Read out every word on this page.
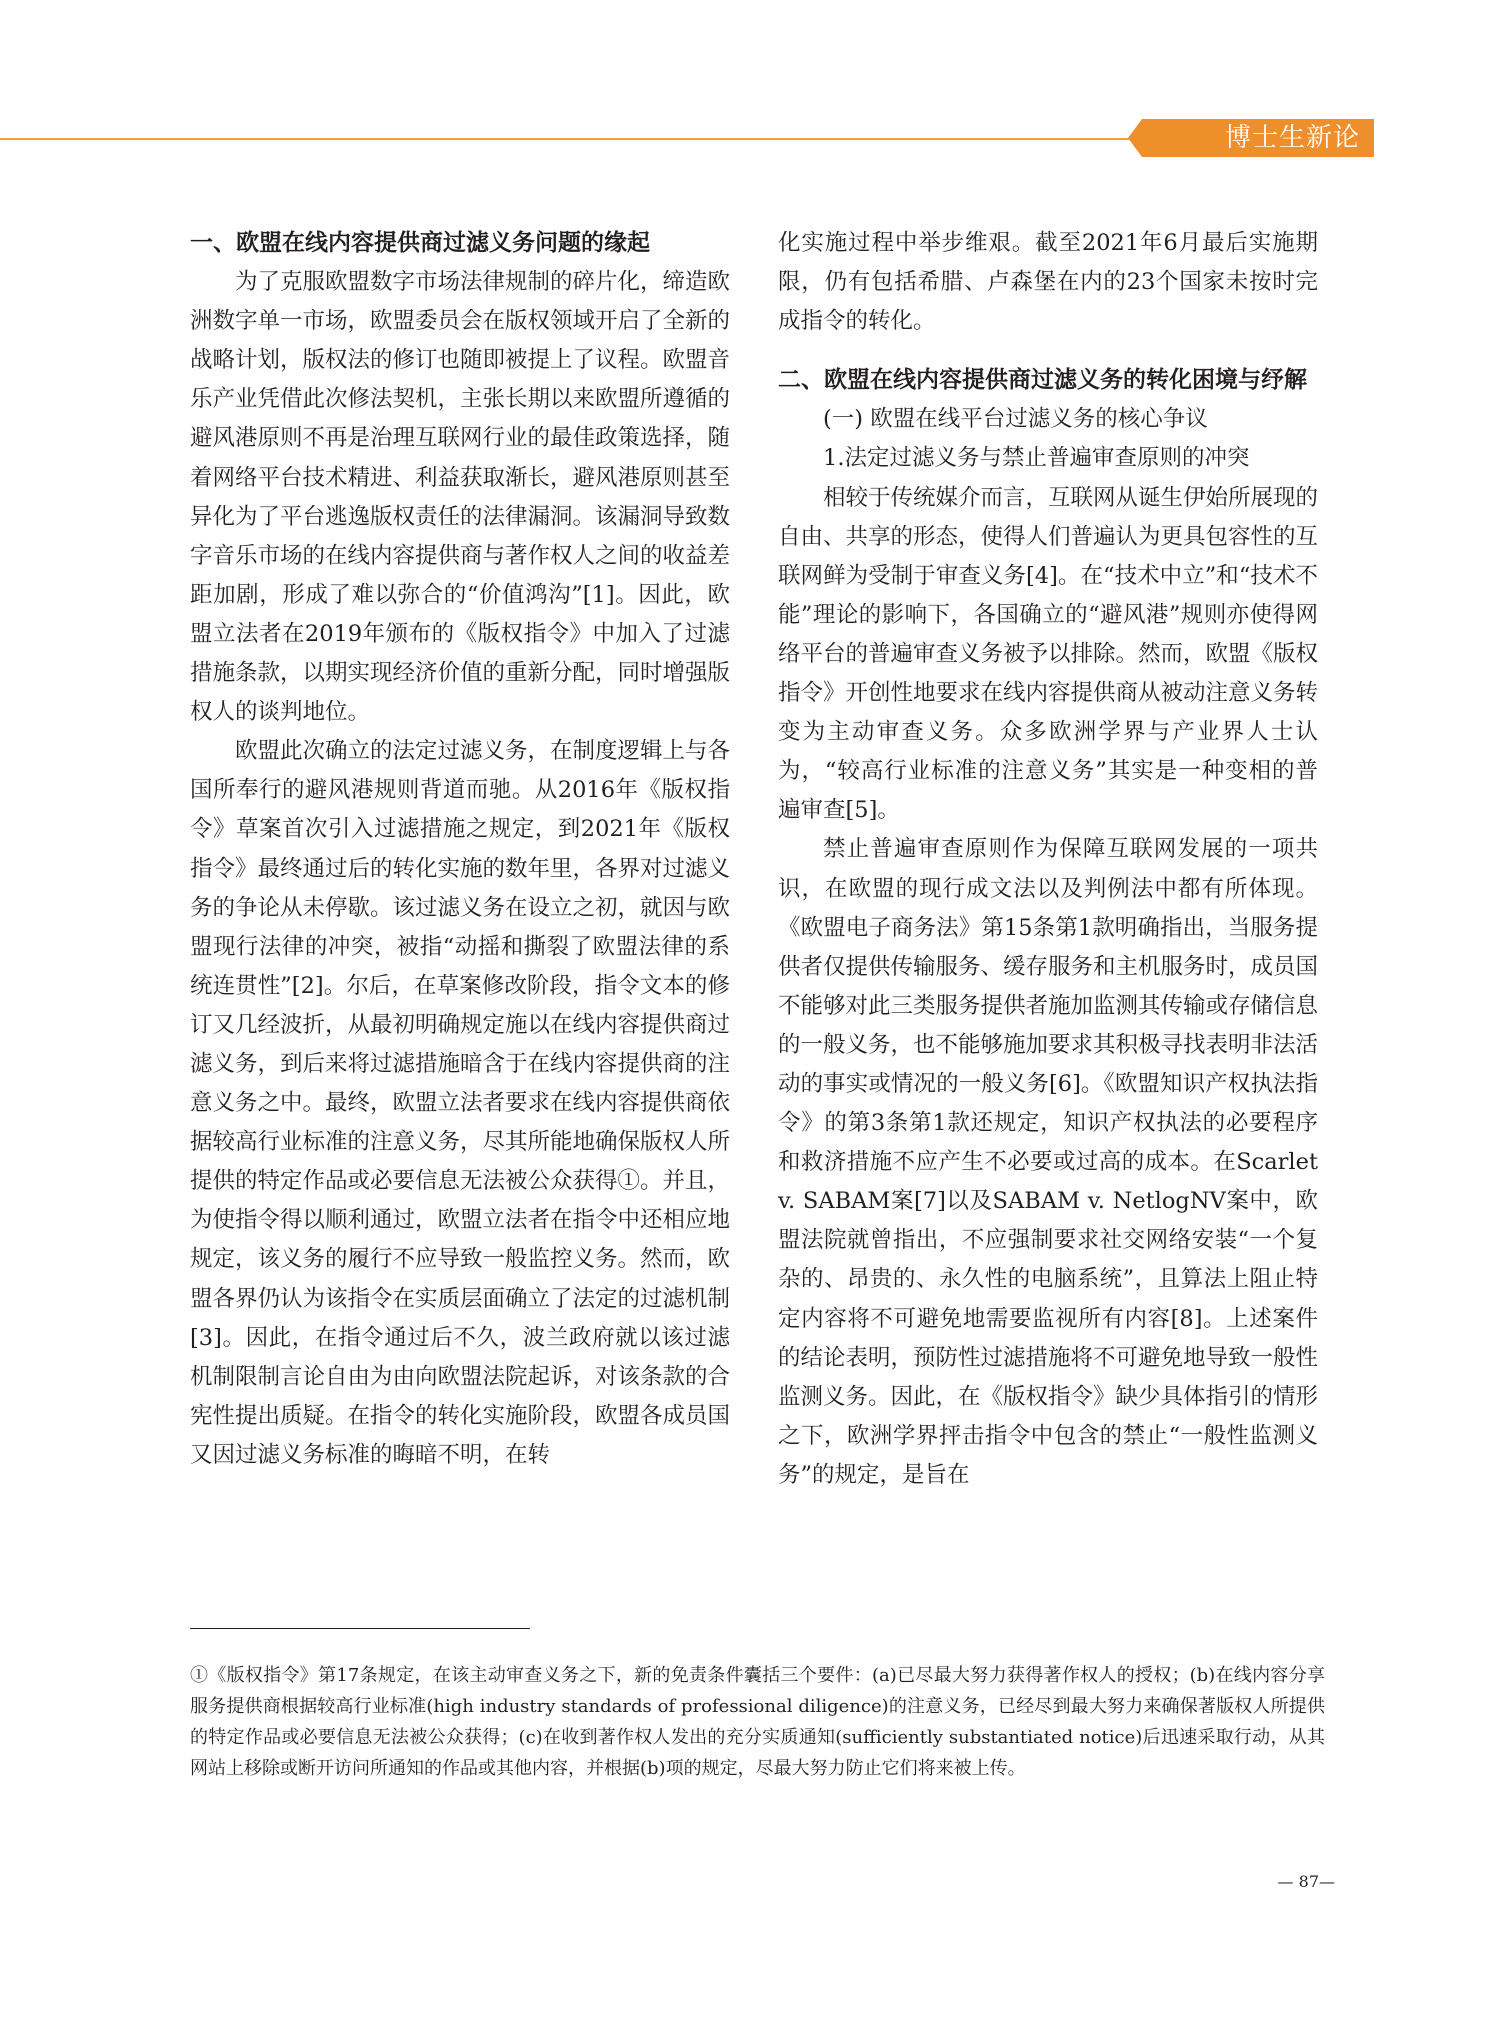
博士生新论
一、欧盟在线内容提供商过滤义务问题的缘起

为了克服欧盟数字市场法律规制的碎片化，缔造欧洲数字单一市场，欧盟委员会在版权领域开启了全新的战略计划，版权法的修订也随即被提上了议程。欧盟音乐产业凭借此次修法契机，主张长期以来欧盟所遵循的避风港原则不再是治理互联网行业的最佳政策选择，随着网络平台技术精进、利益获取渐长，避风港原则甚至异化为了平台逃逸版权责任的法律漏洞。该漏洞导致数字音乐市场的在线内容提供商与著作权人之间的收益差距加剧，形成了难以弥合的“价值鸿沟”[1]。因此，欧盟立法者在2019年颁布的《版权指令》中加入了过滤措施条款，以期实现经济价值的重新分配，同时增强版权人的谈判地位。

欧盟此次确立的法定过滤义务，在制度逻辑上与各国所奉行的避风港规则背道而驰。从2016年《版权指令》草案首次引入过滤措施之规定，到2021年《版权指令》最终通过后的转化实施的数年里，各界对过滤义务的争论从未停歇。该过滤义务在设立之初，就因与欧盟现行法律的冲突，被指“动摇和撕裂了欧盟法律的系统连贯性”[2]。尔后，在草案修改阶段，指令文本的修订又几经波折，从最初明确规定施以在线内容提供商过滤义务，到后来将过滤措施暗含于在线内容提供商的注意义务之中。最终，欧盟立法者要求在线内容提供商依据较高行业标准的注意义务，尽其所能地确保版权人所提供的特定作品或必要信息无法被公众获得①。并且，为使指令得以顺利通过，欧盟立法者在指令中还相应地规定，该义务的履行不应导致一般监控义务。然而，欧盟各界仍认为该指令在实质层面确立了法定的过滤机制[3]。因此，在指令通过后不久，波兰政府就以该过滤机制限制言论自由为由向欧盟法院起诉，对该条款的合宪性提出质疑。在指令的转化实施阶段，欧盟各成员国又因过滤义务标准的晦暗不明，在转

化实施过程中举步维艰。截至2021年6月最后实施期限，仍有包括希腊、卢森堡在内的23个国家未按时完成指令的转化。

二、欧盟在线内容提供商过滤义务的转化困境与纾解

(一) 欧盟在线平台过滤义务的核心争议

1.法定过滤义务与禁止普遍审查原则的冲突

相较于传统媒介而言，互联网从诞生伊始所展现的自由、共享的形态，使得人们普遍认为更具包容性的互联网鲜为受制于审查义务[4]。在“技术中立”和“技术不能”理论的影响下，各国确立的“避风港”规则亦使得网络平台的普遍审查义务被予以排除。然而，欧盟《版权指令》开创性地要求在线内容提供商从被动注意义务转变为主动审查义务。众多欧洲学界与产业界人士认为，“较高行业标准的注意义务”其实是一种变相的普遍审查[5]。

禁止普遍审查原则作为保障互联网发展的一项共识，在欧盟的现行成文法以及判例法中都有所体现。《欧盟电子商务法》第15条第1款明确指出，当服务提供者仅提供传输服务、缓存服务和主机服务时，成员国不能够对此三类服务提供者施加监测其传输或存储信息的一般义务，也不能够施加要求其积极寻找表明非法活动的事实或情况的一般义务[6]。《欧盟知识产权执法指令》的第3条第1款还规定，知识产权执法的必要程序和救济措施不应产生不必要或过高的成本。在Scarlet v. SABAM案[7]以及SABAM v. NetlogNV案中，欧盟法院就曾指出，不应强制要求社交网络安装“一个复杂的、昂贵的、永久性的电脑系统”，且算法上阻止特定内容将不可避免地需要监视所有内容[8]。上述案件的结论表明，预防性过滤措施将不可避免地导致一般性监测义务。因此，在《版权指令》缺少具体指引的情形之下，欧洲学界抨击指令中包含的禁止“一般性监测义务”的规定，是旨在

①《版权指令》第17条规定，在该主动审查义务之下，新的免责条件囊括三个要件：(a)已尽最大努力获得著作权人的授权；(b)在线内容分享服务提供商根据较高行业标准(high industry standards of professional diligence)的注意义务，已经尽到最大努力来确保著版权人所提供的特定作品或必要信息无法被公众获得；(c)在收到著作权人发出的充分实质通知(sufficiently substantiated notice)后迅速采取行动，从其网站上移除或断开访问所通知的作品或其他内容，并根据(b)项的规定，尽最大努力防止它们将来被上传。
— 87—
